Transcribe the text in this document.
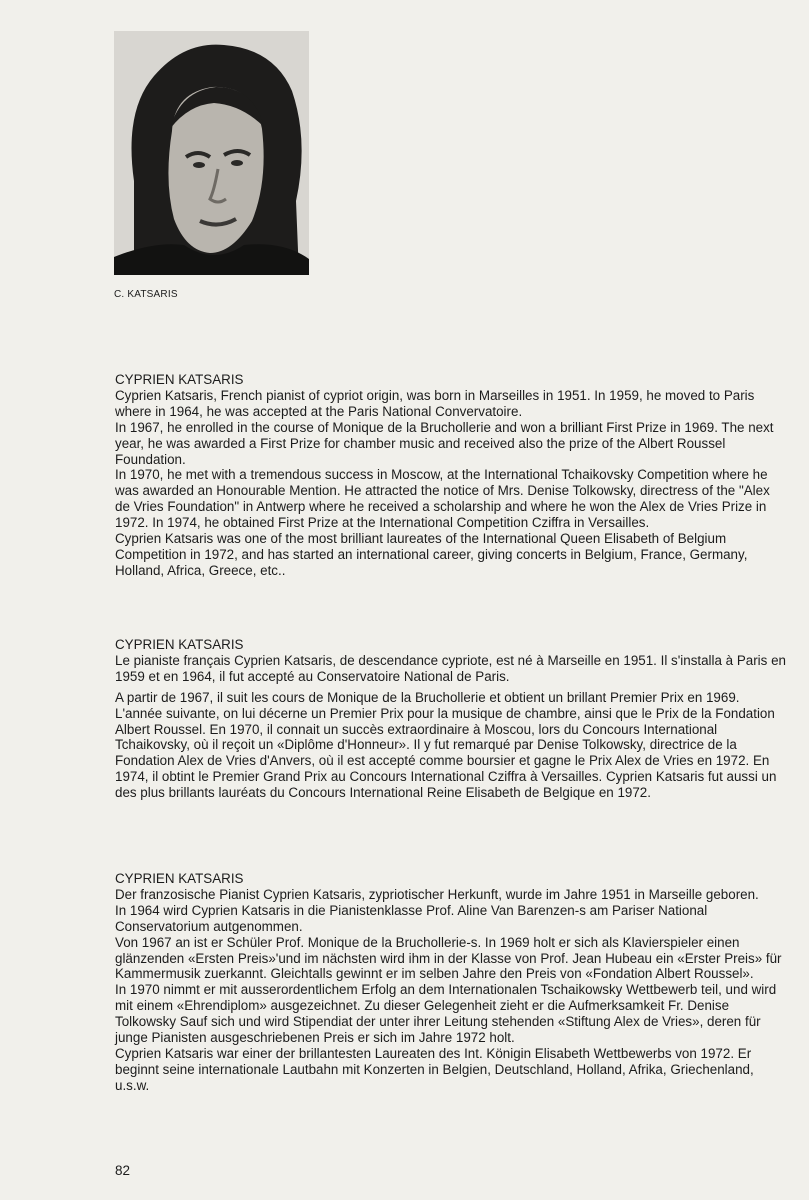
C. KATSARIS

CYPRIEN KATSARIS

Cyprien Katsaris, French pianist of cypriot origin, was born in Marseilles in 1951. In 1959, he moved to Paris where in 1964, he was accepted at the Paris National Convervatoire.

In 1967, he enrolled in the course of Monique de la Bruchollerie and won a brilliant First Prize in 1969. The next year, he was awarded a First Prize for chamber music and received also the prize of the Albert Roussel Foundation.

In 1970, he met with a tremendous success in Moscow, at the International Tchaikovsky Competition where he was awarded an Honourable Mention. He attracted the notice of Mrs. Denise Tolkowsky, directress of the "Alex de Vries Foundation" in Antwerp where he received a scholarship and where he won the Alex de Vries Prize in 1972. In 1974, he obtained First Prize at the International Competition Cziffra in Versailles.

Cyprien Katsaris was one of the most brilliant laureates of the International Queen Elisabeth of Belgium Competition in 1972, and has started an international career, giving concerts in Belgium, France, Germany, Holland, Africa, Greece, etc..

CYPRIEN KATSARIS

Le pianiste français Cyprien Katsaris, de descendance cypriote, est né à Marseille en 1951. Il s'installa à Paris en 1959 et en 1964, il fut accepté au Conservatoire National de Paris.

A partir de 1967, il suit les cours de Monique de la Bruchollerie et obtient un brillant Premier Prix en 1969. L'année suivante, on lui décerne un Premier Prix pour la musique de chambre, ainsi que le Prix de la Fondation Albert Roussel. En 1970, il connait un succès extraordinaire à Moscou, lors du Concours International Tchaikovsky, où il reçoit un «Diplôme d'Honneur». Il y fut remarqué par Denise Tolkowsky, directrice de la Fondation Alex de Vries d'Anvers, où il est accepté comme boursier et gagne le Prix Alex de Vries en 1972. En 1974, il obtint le Premier Grand Prix au Concours International Cziffra à Versailles. Cyprien Katsaris fut aussi un des plus brillants lauréats du Concours International Reine Elisabeth de Belgique en 1972.

CYPRIEN KATSARIS

Der franzosische Pianist Cyprien Katsaris, zypriotischer Herkunft, wurde im Jahre 1951 in Marseille geboren.

In 1964 wird Cyprien Katsaris in die Pianistenklasse Prof. Aline Van Barenzen-s am Pariser National Conservatorium autgenommen.

Von 1967 an ist er Schüler Prof. Monique de la Bruchollerie-s. In 1969 holt er sich als Klavierspieler einen glänzenden «Ersten Preis»'und im nächsten wird ihm in der Klasse von Prof. Jean Hubeau ein «Erster Preis» für Kammermusik zuerkannt. Gleichtalls gewinnt er im selben Jahre den Preis von «Fondation Albert Roussel».

In 1970 nimmt er mit ausserordentlichem Erfolg an dem Internationalen Tschaikowsky Wettbewerb teil, und wird mit einem «Ehrendiplom» ausgezeichnet. Zu dieser Gelegenheit zieht er die Aufmerksamkeit Fr. Denise Tolkowsky Sauf sich und wird Stipendiat der unter ihrer Leitung stehenden «Stiftung Alex de Vries», deren für junge Pianisten ausgeschriebenen Preis er sich im Jahre 1972 holt.

Cyprien Katsaris war einer der brillantesten Laureaten des Int. Königin Elisabeth Wettbewerbs von 1972. Er beginnt seine internationale Lautbahn mit Konzerten in Belgien, Deutschland, Holland, Afrika, Griechenland, u.s.w.

82
